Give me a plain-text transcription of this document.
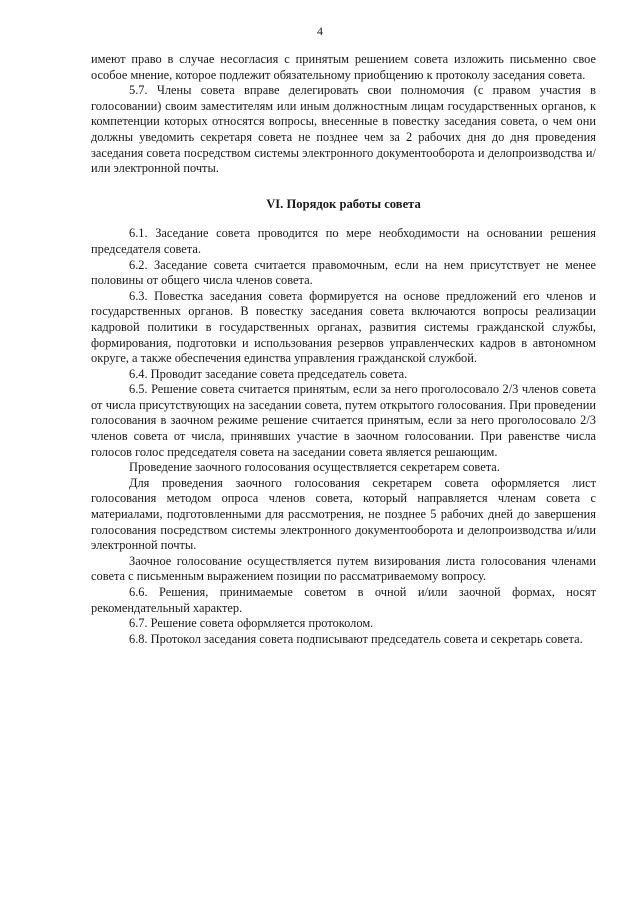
4

имеют право в случае несогласия с принятым решением совета изложить письменно свое особое мнение, которое подлежит обязательному приобщению к протоколу заседания совета.

5.7. Члены совета вправе делегировать свои полномочия (с правом участия в голосовании) своим заместителям или иным должностным лицам государственных органов, к компетенции которых относятся вопросы, внесенные в повестку заседания совета, о чем они должны уведомить секретаря совета не позднее чем за 2 рабочих дня до дня проведения заседания совета посредством системы электронного документооборота и делопроизводства и/или электронной почты.

VI. Порядок работы совета

6.1. Заседание совета проводится по мере необходимости на основании решения председателя совета.

6.2. Заседание совета считается правомочным, если на нем присутствует не менее половины от общего числа членов совета.

6.3. Повестка заседания совета формируется на основе предложений его членов и государственных органов. В повестку заседания совета включаются вопросы реализации кадровой политики в государственных органах, развития системы гражданской службы, формирования, подготовки и использования резервов управленческих кадров в автономном округе, а также обеспечения единства управления гражданской службой.

6.4. Проводит заседание совета председатель совета.

6.5. Решение совета считается принятым, если за него проголосовало 2/3 членов совета от числа присутствующих на заседании совета, путем открытого голосования. При проведении голосования в заочном режиме решение считается принятым, если за него проголосовало 2/3 членов совета от числа, принявших участие в заочном голосовании. При равенстве числа голосов голос председателя совета на заседании совета является решающим.

Проведение заочного голосования осуществляется секретарем совета.

Для проведения заочного голосования секретарем совета оформляется лист голосования методом опроса членов совета, который направляется членам совета с материалами, подготовленными для рассмотрения, не позднее 5 рабочих дней до завершения голосования посредством системы электронного документооборота и делопроизводства и/или электронной почты.

Заочное голосование осуществляется путем визирования листа голосования членами совета с письменным выражением позиции по рассматриваемому вопросу.

6.6. Решения, принимаемые советом в очной и/или заочной формах, носят рекомендательный характер.

6.7. Решение совета оформляется протоколом.

6.8. Протокол заседания совета подписывают председатель совета и секретарь совета.
